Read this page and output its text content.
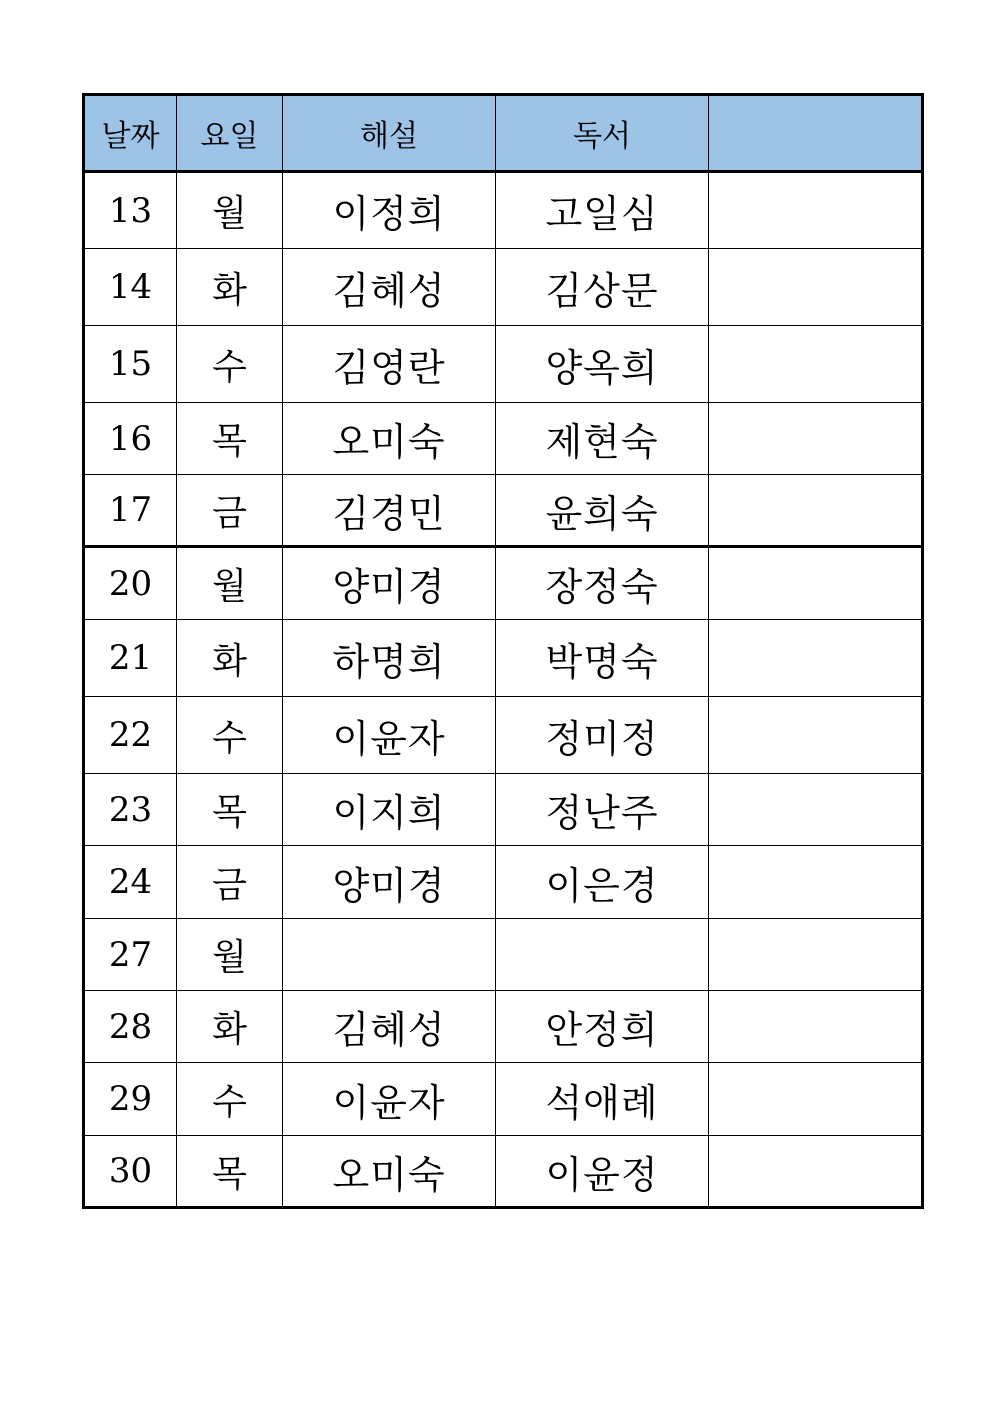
날짜	요일	해설	독서	
13	월	이정희	고일심	
14	화	김혜성	김상문	
15	수	김영란	양옥희	
16	목	오미숙	제현숙	
17	금	김경민	윤희숙	
20	월	양미경	장정숙	
21	화	하명희	박명숙	
22	수	이윤자	정미정	
23	목	이지희	정난주	
24	금	양미경	이은경	
27	월			
28	화	김혜성	안정희	
29	수	이윤자	석애례	
30	목	오미숙	이윤정	
